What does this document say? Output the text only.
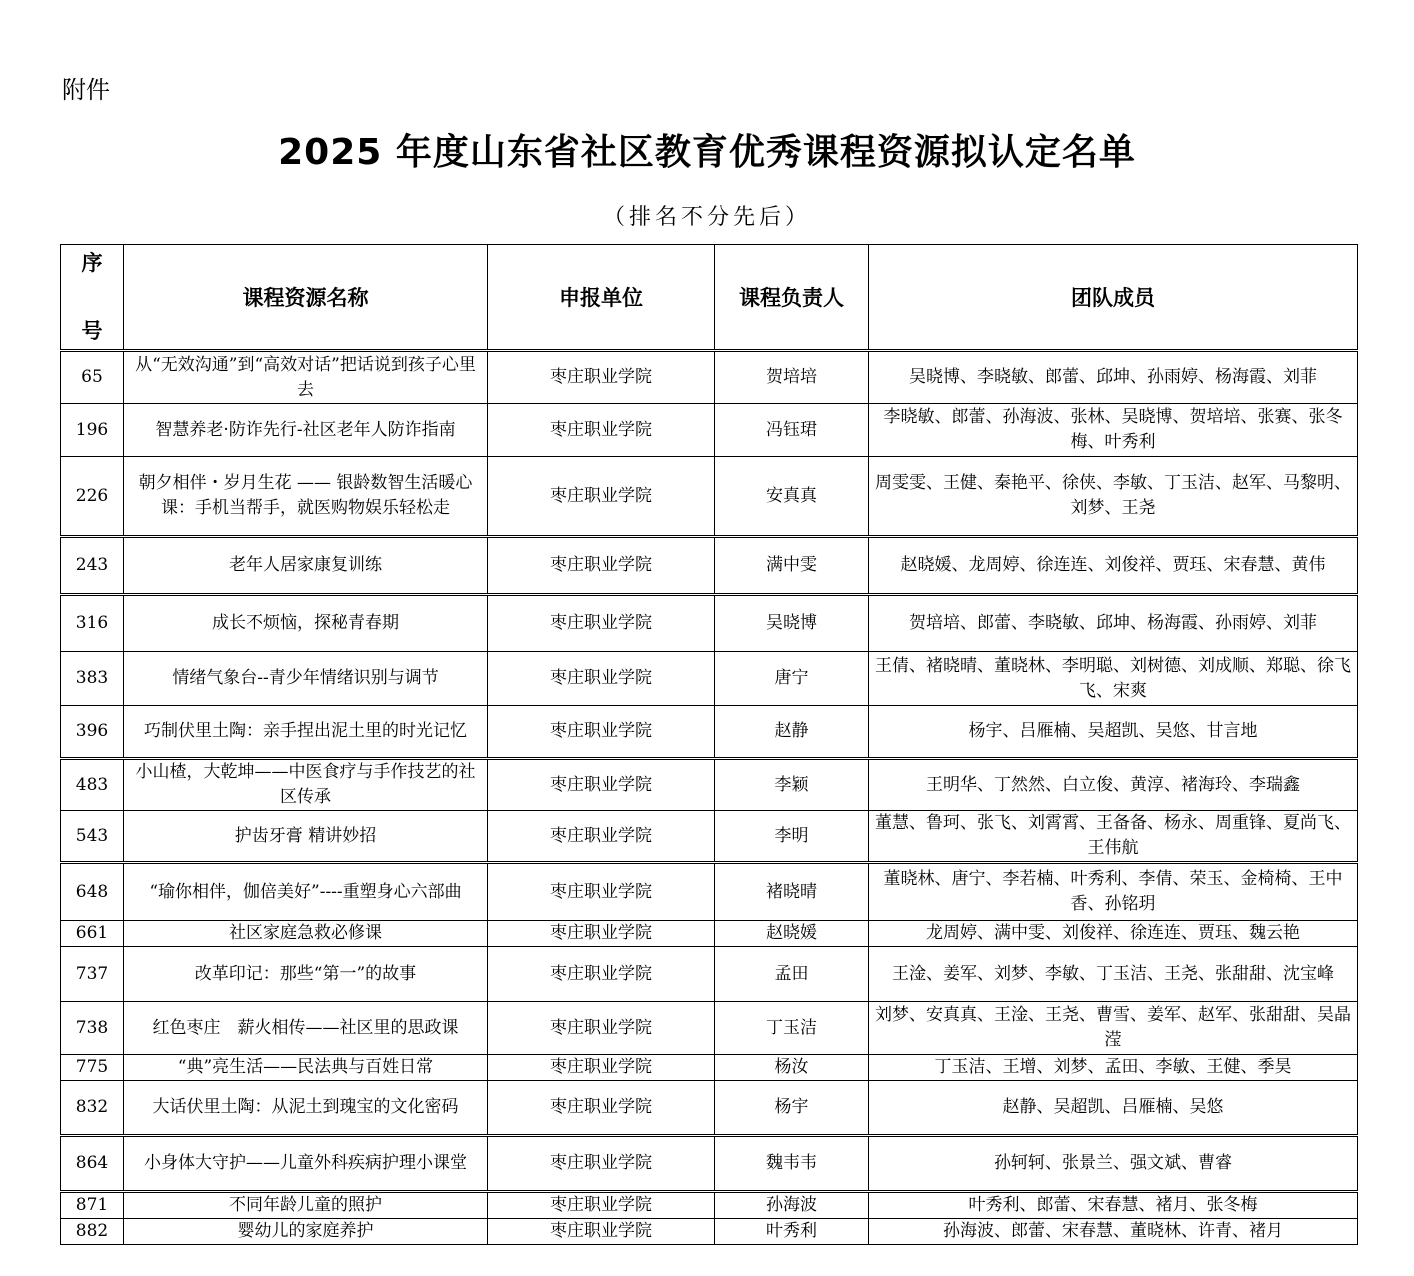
附件
2025 年度山东省社区教育优秀课程资源拟认定名单
（排名不分先后）
序

号	课程资源名称	申报单位	课程负责人	团队成员
65	从“无效沟通”到“高效对话”把话说到孩子心里去	枣庄职业学院	贺培培	吴晓博、李晓敏、郎蕾、邱坤、孙雨婷、杨海霞、刘菲
196	智慧养老·防诈先行-社区老年人防诈指南	枣庄职业学院	冯钰珺	李晓敏、郎蕾、孙海波、张林、吴晓博、贺培培、张赛、张冬梅、叶秀利
226	朝夕相伴・岁月生花 —— 银龄数智生活暖心课：手机当帮手，就医购物娱乐轻松走	枣庄职业学院	安真真	周雯雯、王健、秦艳平、徐侠、李敏、丁玉洁、赵军、马黎明、刘梦、王尧
243	老年人居家康复训练	枣庄职业学院	满中雯	赵晓媛、龙周婷、徐连连、刘俊祥、贾珏、宋春慧、黄伟
316	成长不烦恼，探秘青春期	枣庄职业学院	吴晓博	贺培培、郎蕾、李晓敏、邱坤、杨海霞、孙雨婷、刘菲
383	情绪气象台--青少年情绪识别与调节	枣庄职业学院	唐宁	王倩、褚晓晴、董晓林、李明聪、刘树德、刘成顺、郑聪、徐飞飞、宋爽
396	巧制伏里土陶：亲手捏出泥土里的时光记忆	枣庄职业学院	赵静	杨宇、吕雁楠、吴超凯、吴悠、甘言地
483	小山楂，大乾坤——中医食疗与手作技艺的社区传承	枣庄职业学院	李颖	王明华、丁然然、白立俊、黄淳、褚海玲、李瑞鑫
543	护齿牙膏 精讲妙招	枣庄职业学院	李明	董慧、鲁珂、张飞、刘霄霄、王备备、杨永、周重锋、夏尚飞、王伟航
648	“瑜你相伴，伽倍美好”----重塑身心六部曲	枣庄职业学院	褚晓晴	董晓林、唐宁、李若楠、叶秀利、李倩、荣玉、金椅椅、王中香、孙铭玥
661	社区家庭急救必修课	枣庄职业学院	赵晓媛	龙周婷、满中雯、刘俊祥、徐连连、贾珏、魏云艳
737	改革印记：那些“第一”的故事	枣庄职业学院	孟田	王淦、姜军、刘梦、李敏、丁玉洁、王尧、张甜甜、沈宝峰
738	红色枣庄　薪火相传——社区里的思政课	枣庄职业学院	丁玉洁	刘梦、安真真、王淦、王尧、曹雪、姜军、赵军、张甜甜、吴晶滢
775	“典”亮生活——民法典与百姓日常	枣庄职业学院	杨汝	丁玉洁、王增、刘梦、孟田、李敏、王健、季昊
832	大话伏里土陶：从泥土到瑰宝的文化密码	枣庄职业学院	杨宇	赵静、吴超凯、吕雁楠、吴悠
864	小身体大守护——儿童外科疾病护理小课堂	枣庄职业学院	魏韦韦	孙轲轲、张景兰、强文斌、曹睿
871	不同年龄儿童的照护	枣庄职业学院	孙海波	叶秀利、郎蕾、宋春慧、褚月、张冬梅
882	婴幼儿的家庭养护	枣庄职业学院	叶秀利	孙海波、郎蕾、宋春慧、董晓林、许青、褚月
